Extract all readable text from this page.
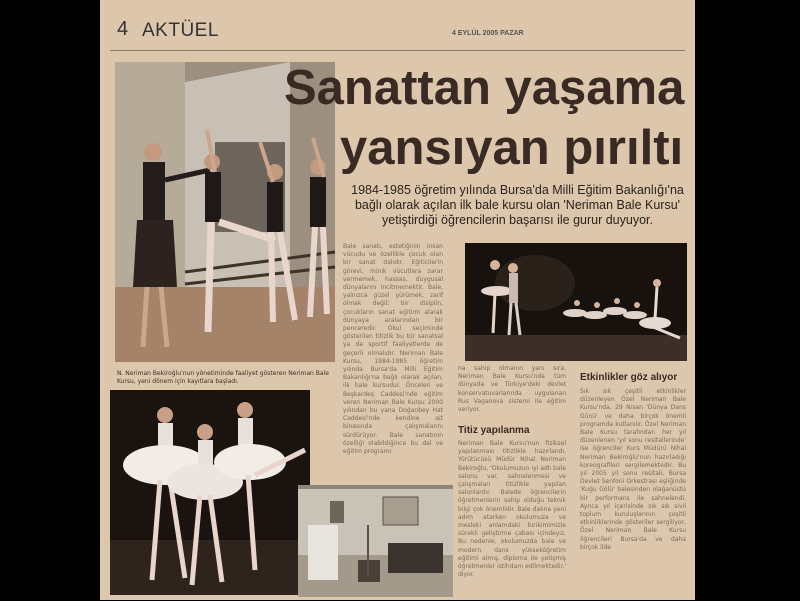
4 AKTÜEL	4 EYLÜL 2005 PAZAR
Sanattan yaşama
yansıyan pırıltı
1984-1985 öğretim yılında Bursa'da Milli Eğitim Bakanlığı'na bağlı olarak açılan ilk bale kursu olan 'Neriman Bale Kursu' yetiştirdiği öğrencilerin başarısı ile gurur duyuyor.
N. Neriman Bekiroğlu'nun yönetiminde faaliyet gösteren Neriman Bale Kursu, yeni dönem için kayıtlara başladı.
Bale sanatı, estetiğinin insan vücudu ve özellikle çocuk olan bir sanat dalıdır. Eğiticilerin görevi, minik vücutlara zarar vermemek, hassas, duygusal dünyalarını incitmemektir. Bale, yalnızca güzel yürümek, zarif olmak değil; bir disiplin, çocukların sanat eğitimi alarak dünyaya aralarından bir penceredir. Okul seçiminde gösterilen titizlik bu tür sanatsal ya da sportif faaliyetlerde de geçerli olmalıdır. Neriman Bale Kursu, 1984-1985 öğretim yılında Bursa'da Milli Eğitim Bakanlığı'na bağlı olarak açılan, ilk bale kursudur. Önceleri ve Beşkardeş Caddesi'nde eğitim veren Neriman Bale Kursu 2000 yılından bu yana Doğanbey Hat Caddesi'nde kendine ait binasında çalışmalarını sürdürüyor. Bale sanatının özelliği olabildiğince bu dal ve eğitim programı
na sahip olmanın yanı sıra, Neriman Bale Kursu'nda tüm dünyada ve Türkiye'deki devlet konservatuvarlarında uygulanan Rus Vaganova sistemi ile eğitim veriyor.
Titiz yapılanma
Neriman Bale Kursu'nun fiziksel yapılanması titizlikle hazırlandı. Yürütücüsü Müdür Nihal Neriman Bekiroğlu, 'Okulumuzun iyi adlı bale salonu var, sahnelenmesi ve çalışmaları titizlikle yapılan salonlardır. Balede öğrencilerin öğretmenlerin sahip olduğu teknik bilgi çok önemlidir. Bale dalına yeni adım atarken okulumuza ve mesleki anlamdaki birikimimizle sürekli geliştirme çabası içindeyiz. Bu nedenle, okulumuzda bale ve modern dans yükseköğretim eğitimi almış, diploma ile yetişmiş öğretmenler istihdam edilmektedir.' diyor.
Etkinlikler göz alıyor
Sık sık çeşitli etkinlikler düzenleyen Özel Neriman Bale Kursu'nda, 29 Nisan 'Dünya Dans Günü' ve daha birçok önemli programda kutlanılır. Özel Neriman Bale Kursu tarafından her yıl düzenlenen 'yıl sonu resitallerinde' ise öğrenciler Kurs Müdürü Nihal Neriman Bekiroğlu'nun hazırladığı koreografileri sergilemektedir. Bu yıl 2005 yıl sonu resitali, Bursa Devlet Senfoni Orkestrası eşliğinde 'Kuğu Gölü' balesinden olağanüstü bir performans ile sahnelendi. Ayrıca yıl içerisinde sık sık sivil toplum kuruluşlarının çeşitli etkinliklerinde gösteriler sergiliyor, Özel Neriman Bale Kursu öğrencileri Bursa'da ve daha birçok ilde
